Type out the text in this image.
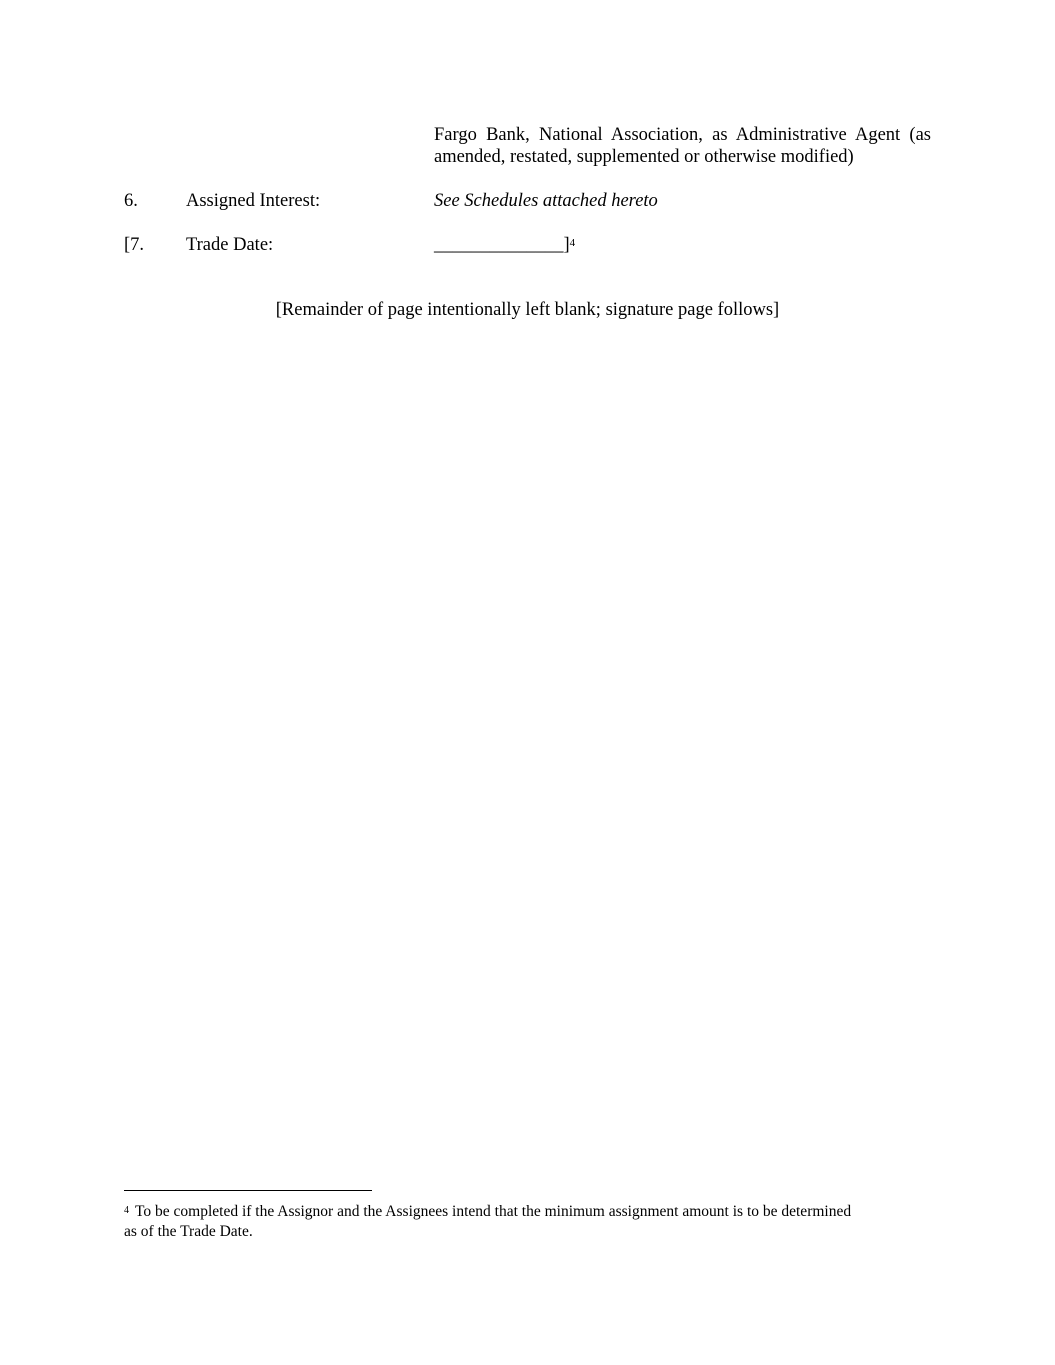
Fargo Bank, National Association, as Administrative Agent (as
amended, restated, supplemented or otherwise modified)
6.	Assigned Interest:	See Schedules attached hereto
[7. Trade Date:	______________]$^4$
[Remainder of page intentionally left blank; signature page follows]
$^4$ To be completed if the Assignor and the Assignees intend that the minimum assignment amount is to be determined as of the Trade Date.
